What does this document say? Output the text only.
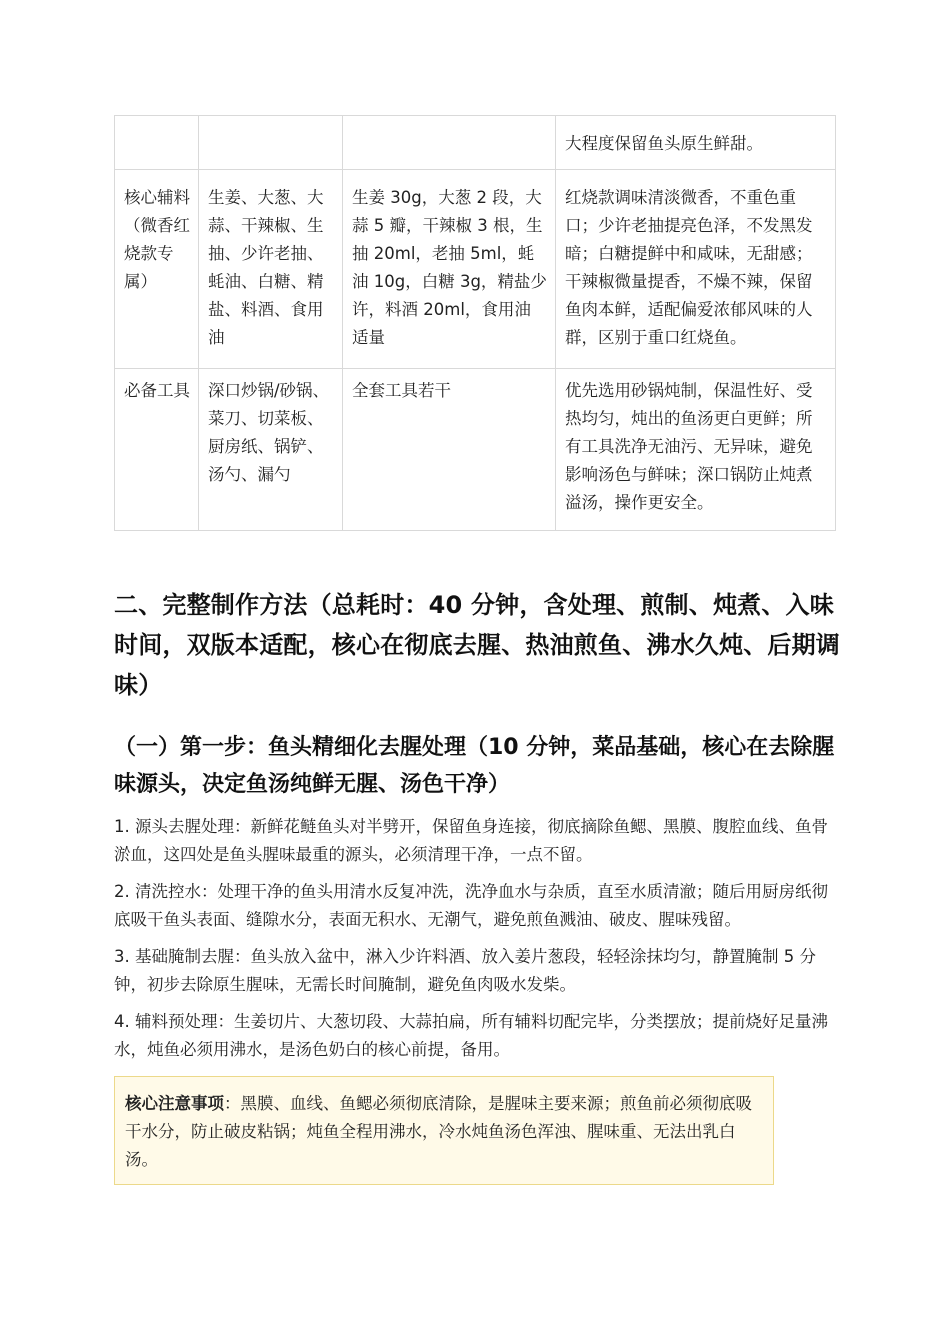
			大程度保留鱼头原生鲜甜。
核心辅料（微香红烧款专属）	生姜、大葱、大蒜、干辣椒、生抽、少许老抽、蚝油、白糖、精盐、料酒、食用油	生姜 30g，大葱 2 段，大蒜 5 瓣，干辣椒 3 根，生抽 20ml，老抽 5ml，蚝油 10g，白糖 3g，精盐少许，料酒 20ml，食用油适量	红烧款调味清淡微香，不重色重口；少许老抽提亮色泽，不发黑发暗；白糖提鲜中和咸味，无甜感；干辣椒微量提香，不燥不辣，保留鱼肉本鲜，适配偏爱浓郁风味的人群，区别于重口红烧鱼。
必备工具	深口炒锅/砂锅、菜刀、切菜板、厨房纸、锅铲、汤勺、漏勺	全套工具若干	优先选用砂锅炖制，保温性好、受热均匀，炖出的鱼汤更白更鲜；所有工具洗净无油污、无异味，避免影响汤色与鲜味；深口锅防止炖煮溢汤，操作更安全。
二、完整制作方法（总耗时：40 分钟，含处理、煎制、炖煮、入味时间，双版本适配，核心在彻底去腥、热油煎鱼、沸水久炖、后期调味）
（一）第一步：鱼头精细化去腥处理（10 分钟，菜品基础，核心在去除腥味源头，决定鱼汤纯鲜无腥、汤色干净）
1. 源头去腥处理：新鲜花鲢鱼头对半劈开，保留鱼身连接，彻底摘除鱼鳃、黑膜、腹腔血线、鱼骨淤血，这四处是鱼头腥味最重的源头，必须清理干净，一点不留。
2. 清洗控水：处理干净的鱼头用清水反复冲洗，洗净血水与杂质，直至水质清澈；随后用厨房纸彻底吸干鱼头表面、缝隙水分，表面无积水、无潮气，避免煎鱼溅油、破皮、腥味残留。
3. 基础腌制去腥：鱼头放入盆中，淋入少许料酒、放入姜片葱段，轻轻涂抹均匀，静置腌制 5 分钟，初步去除原生腥味，无需长时间腌制，避免鱼肉吸水发柴。
4. 辅料预处理：生姜切片、大葱切段、大蒜拍扁，所有辅料切配完毕，分类摆放；提前烧好足量沸水，炖鱼必须用沸水，是汤色奶白的核心前提，备用。
核心注意事项：黑膜、血线、鱼鳃必须彻底清除，是腥味主要来源；煎鱼前必须彻底吸干水分，防止破皮粘锅；炖鱼全程用沸水，冷水炖鱼汤色浑浊、腥味重、无法出乳白汤。
